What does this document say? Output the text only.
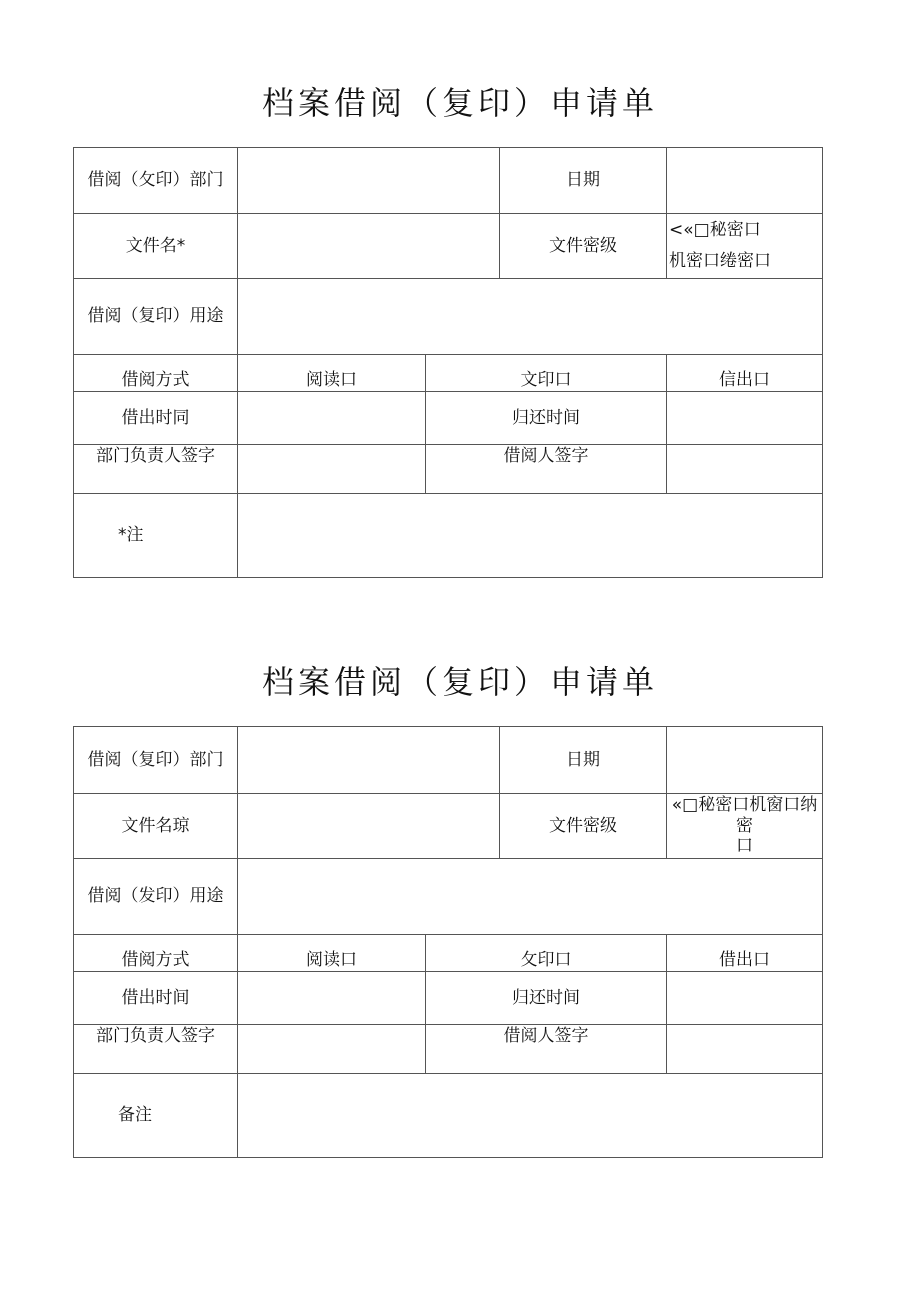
档案借阅（复印）申请单
借阅（攵印）部门			日期	
文件名*			文件密级	<«□秘密口
机密口绻密口

借阅（复印）用途				
借阅方式	阅读口	文印口		信出口
借出时同		归还时间		
部门负责人签字		借阅人签字		
*注				
档案借阅（复印）申请单
借阅（复印）部门			日期	
文件名琼			文件密级	«□秘密口机窗口纳密
口

借阅（发印）用途				
借阅方式	阅读口	攵印口		借出口
借出时间		归还时间		
部门负责人签字		借阅人签字		
备注				
